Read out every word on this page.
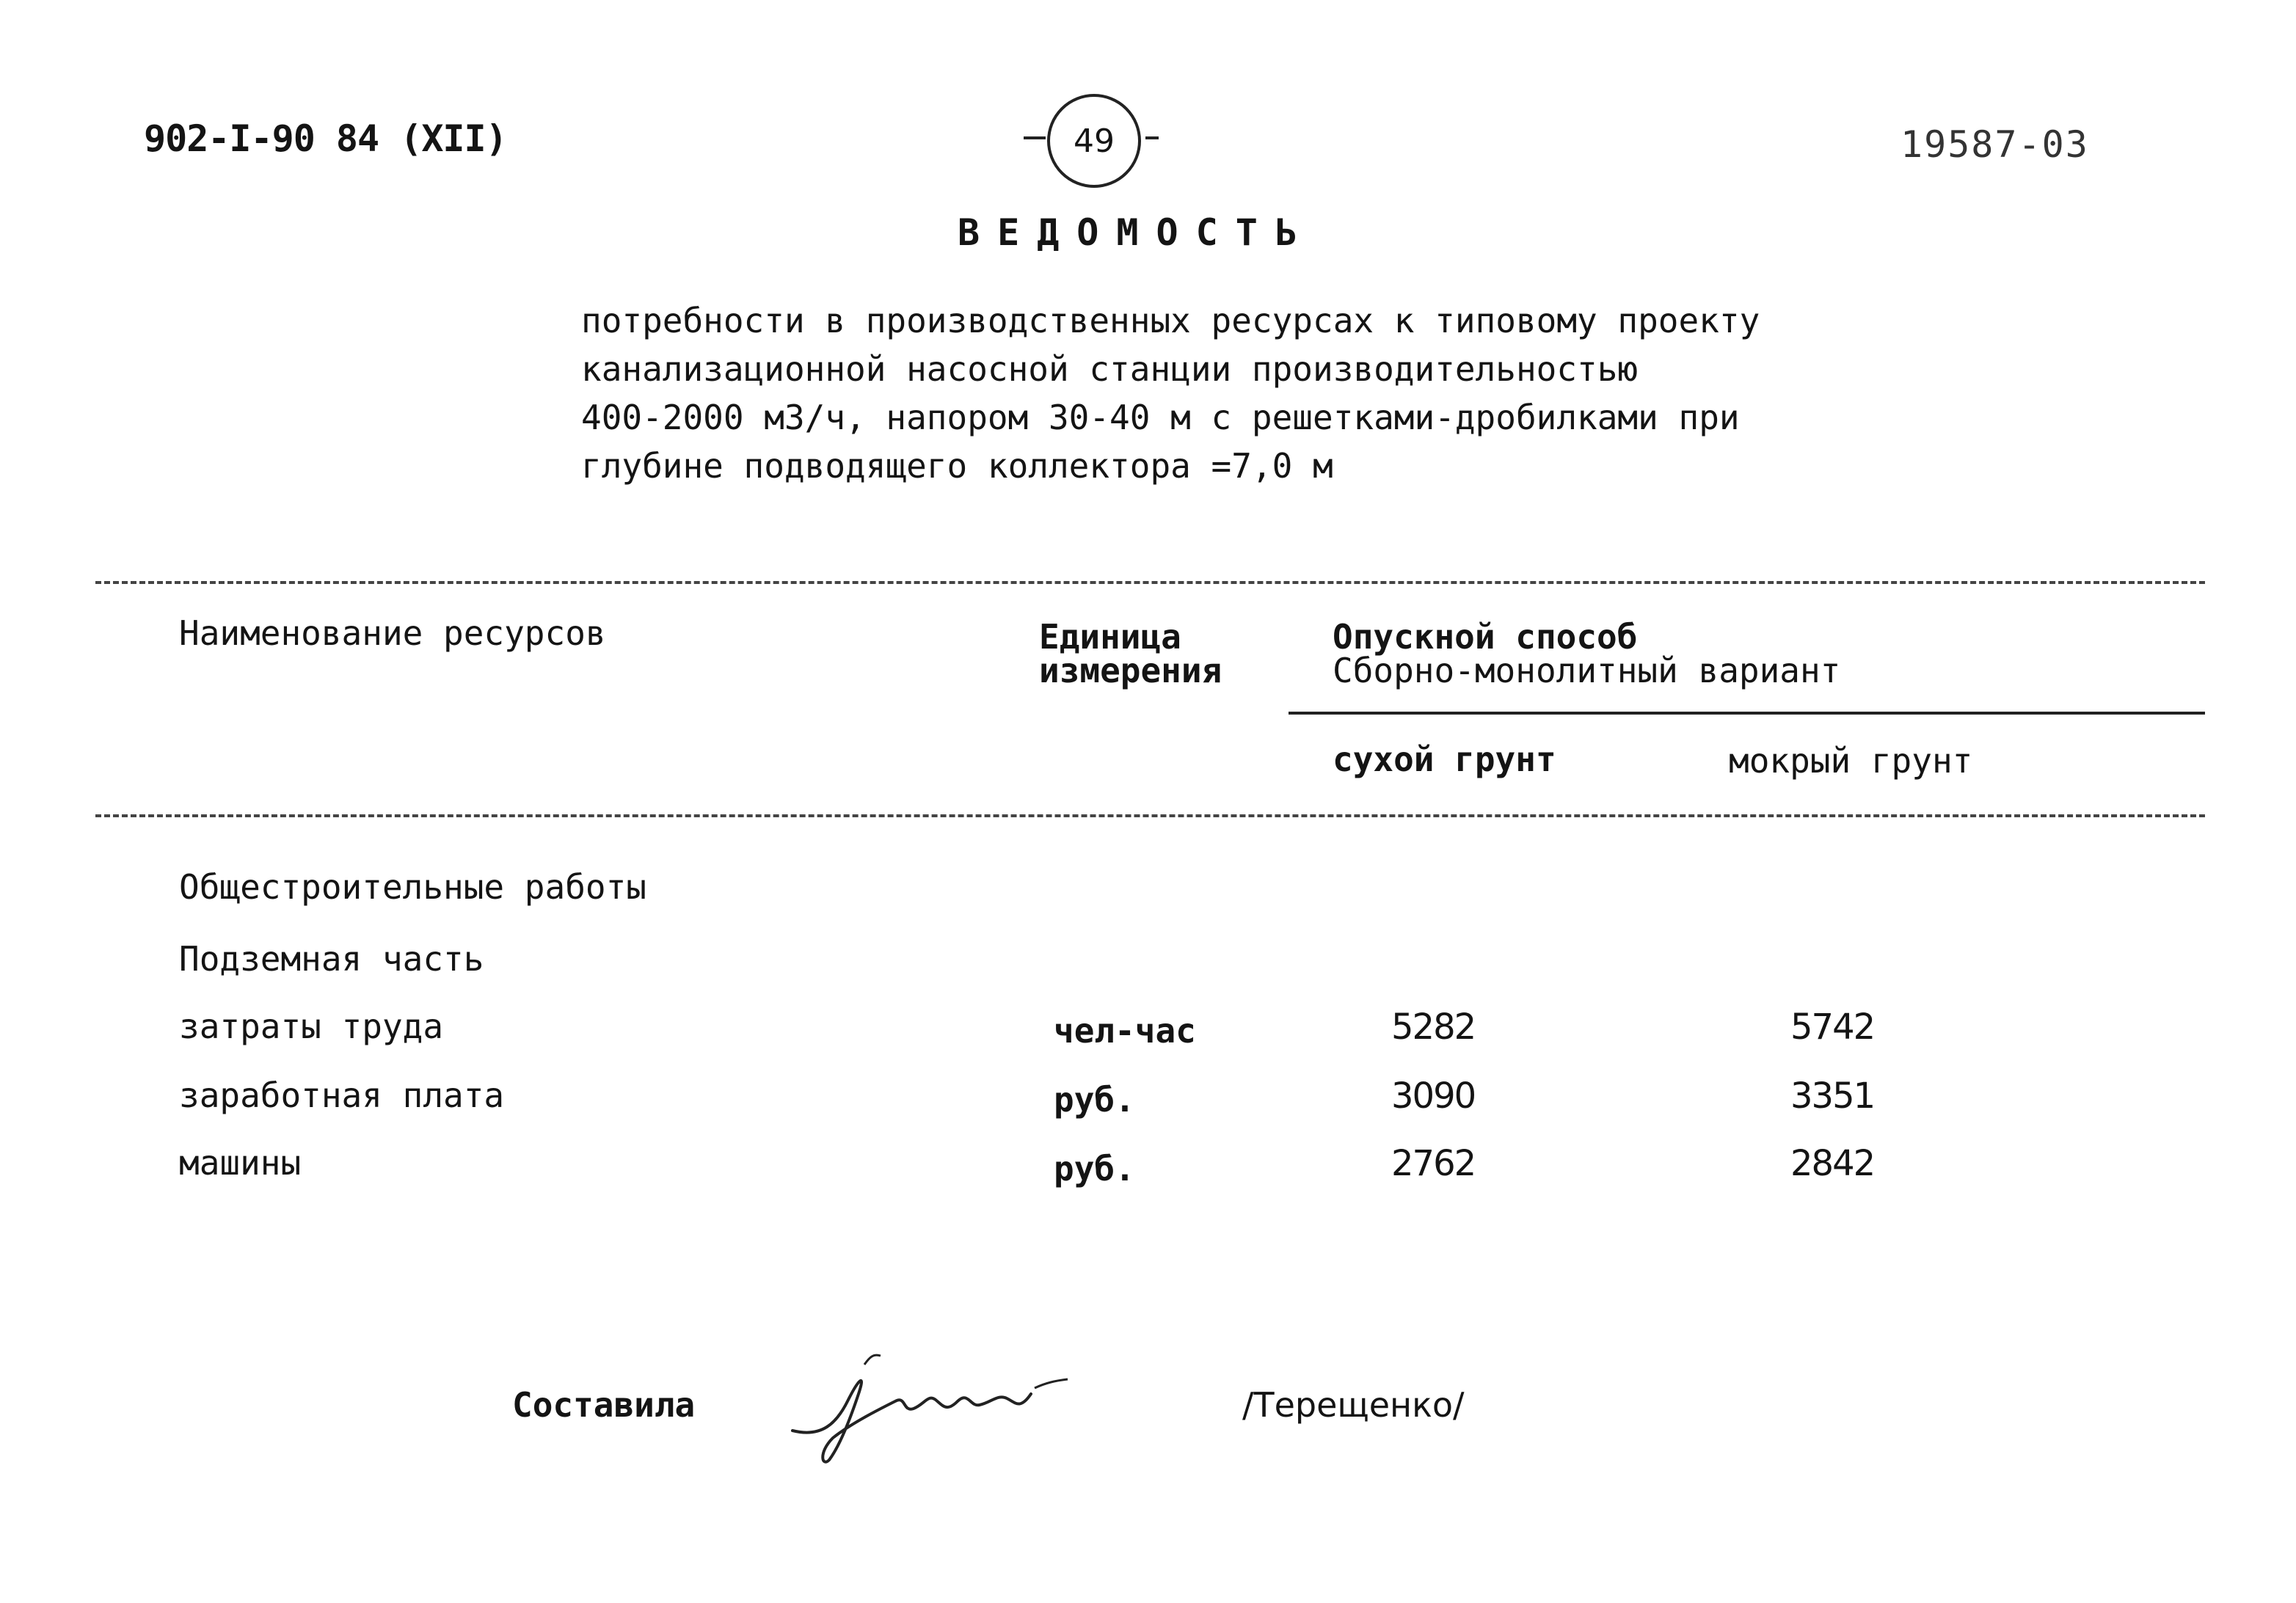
902-I-90 84 (XII)	49	19587-03
ВЕДОМОСТЬ
потребности в производственных ресурсах к типовому проекту
канализационной насосной станции производительностью
400-2000 м3/ч, напором 30-40 м с решетками-дробилками при
глубине подводящего коллектора =7,0 м
Наименование ресурсов	Единица
измерения
Опускной способ
Сборно-монолитный вариант
сухой грунт	мокрый грунт
Общестроительные работы
Подземная часть
затраты труда	чел-час	5282	5742
заработная плата	руб.	3090	3351
машины	руб.	2762	2842
Составила	/Терещенко/
